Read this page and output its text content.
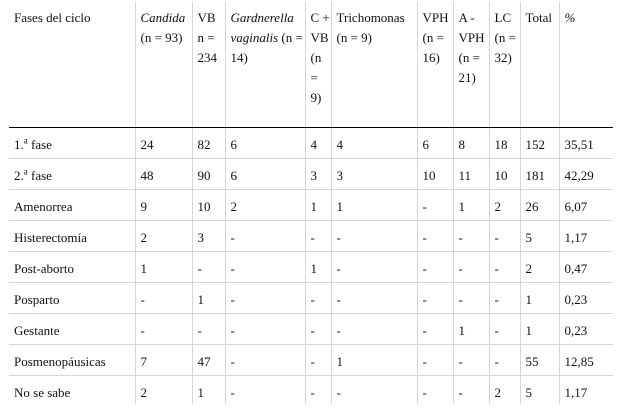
Fases del ciclo	Candida (n = 93)	VB n = 234	Gardnerella vaginalis (n = 14)	C + VB (n = 9)	Trichomonas (n = 9)	VPH (n = 16)	A - VPH (n = 21)	LC (n = 32)	Total	%
1.$^a$ fase	24	82	6	4	4	6	8	18	152	35,51
2.$^a$ fase	48	90	6	3	3	10	11	10	181	42,29
Amenorrea	9	10	2	1	1	-	1	2	26	6,07
Histerectomía	2	3	-	-	-	-	-	-	5	1,17
Post-aborto	1	-	-	1	-	-	-	-	2	0,47
Posparto	-	1	-	-	-	-	-	-	1	0,23
Gestante	-	-	-	-	-	-	1	-	1	0,23
Posmenopáusicas	7	47	-	-	1	-	-	-	55	12,85
No se sabe	2	1	-	-	-	-	-	2	5	1,17
